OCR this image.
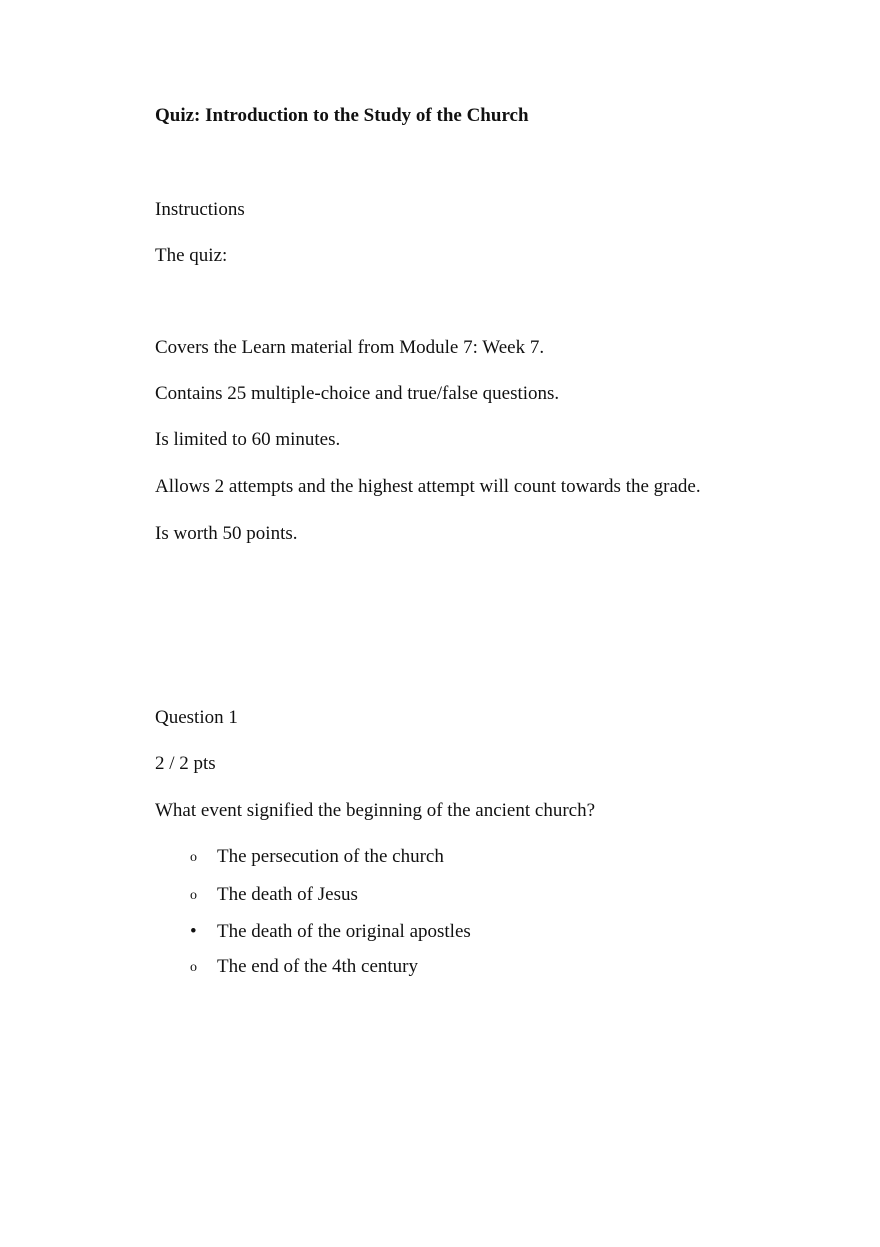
Quiz: Introduction to the Study of the Church
Instructions
The quiz:
Covers the Learn material from Module 7: Week 7.
Contains 25 multiple-choice and true/false questions.
Is limited to 60 minutes.
Allows 2 attempts and the highest attempt will count towards the grade.
Is worth 50 points.
Question 1
2 / 2 pts
What event signified the beginning of the ancient church?
o The persecution of the church
o The death of Jesus
• The death of the original apostles
o The end of the 4th century
